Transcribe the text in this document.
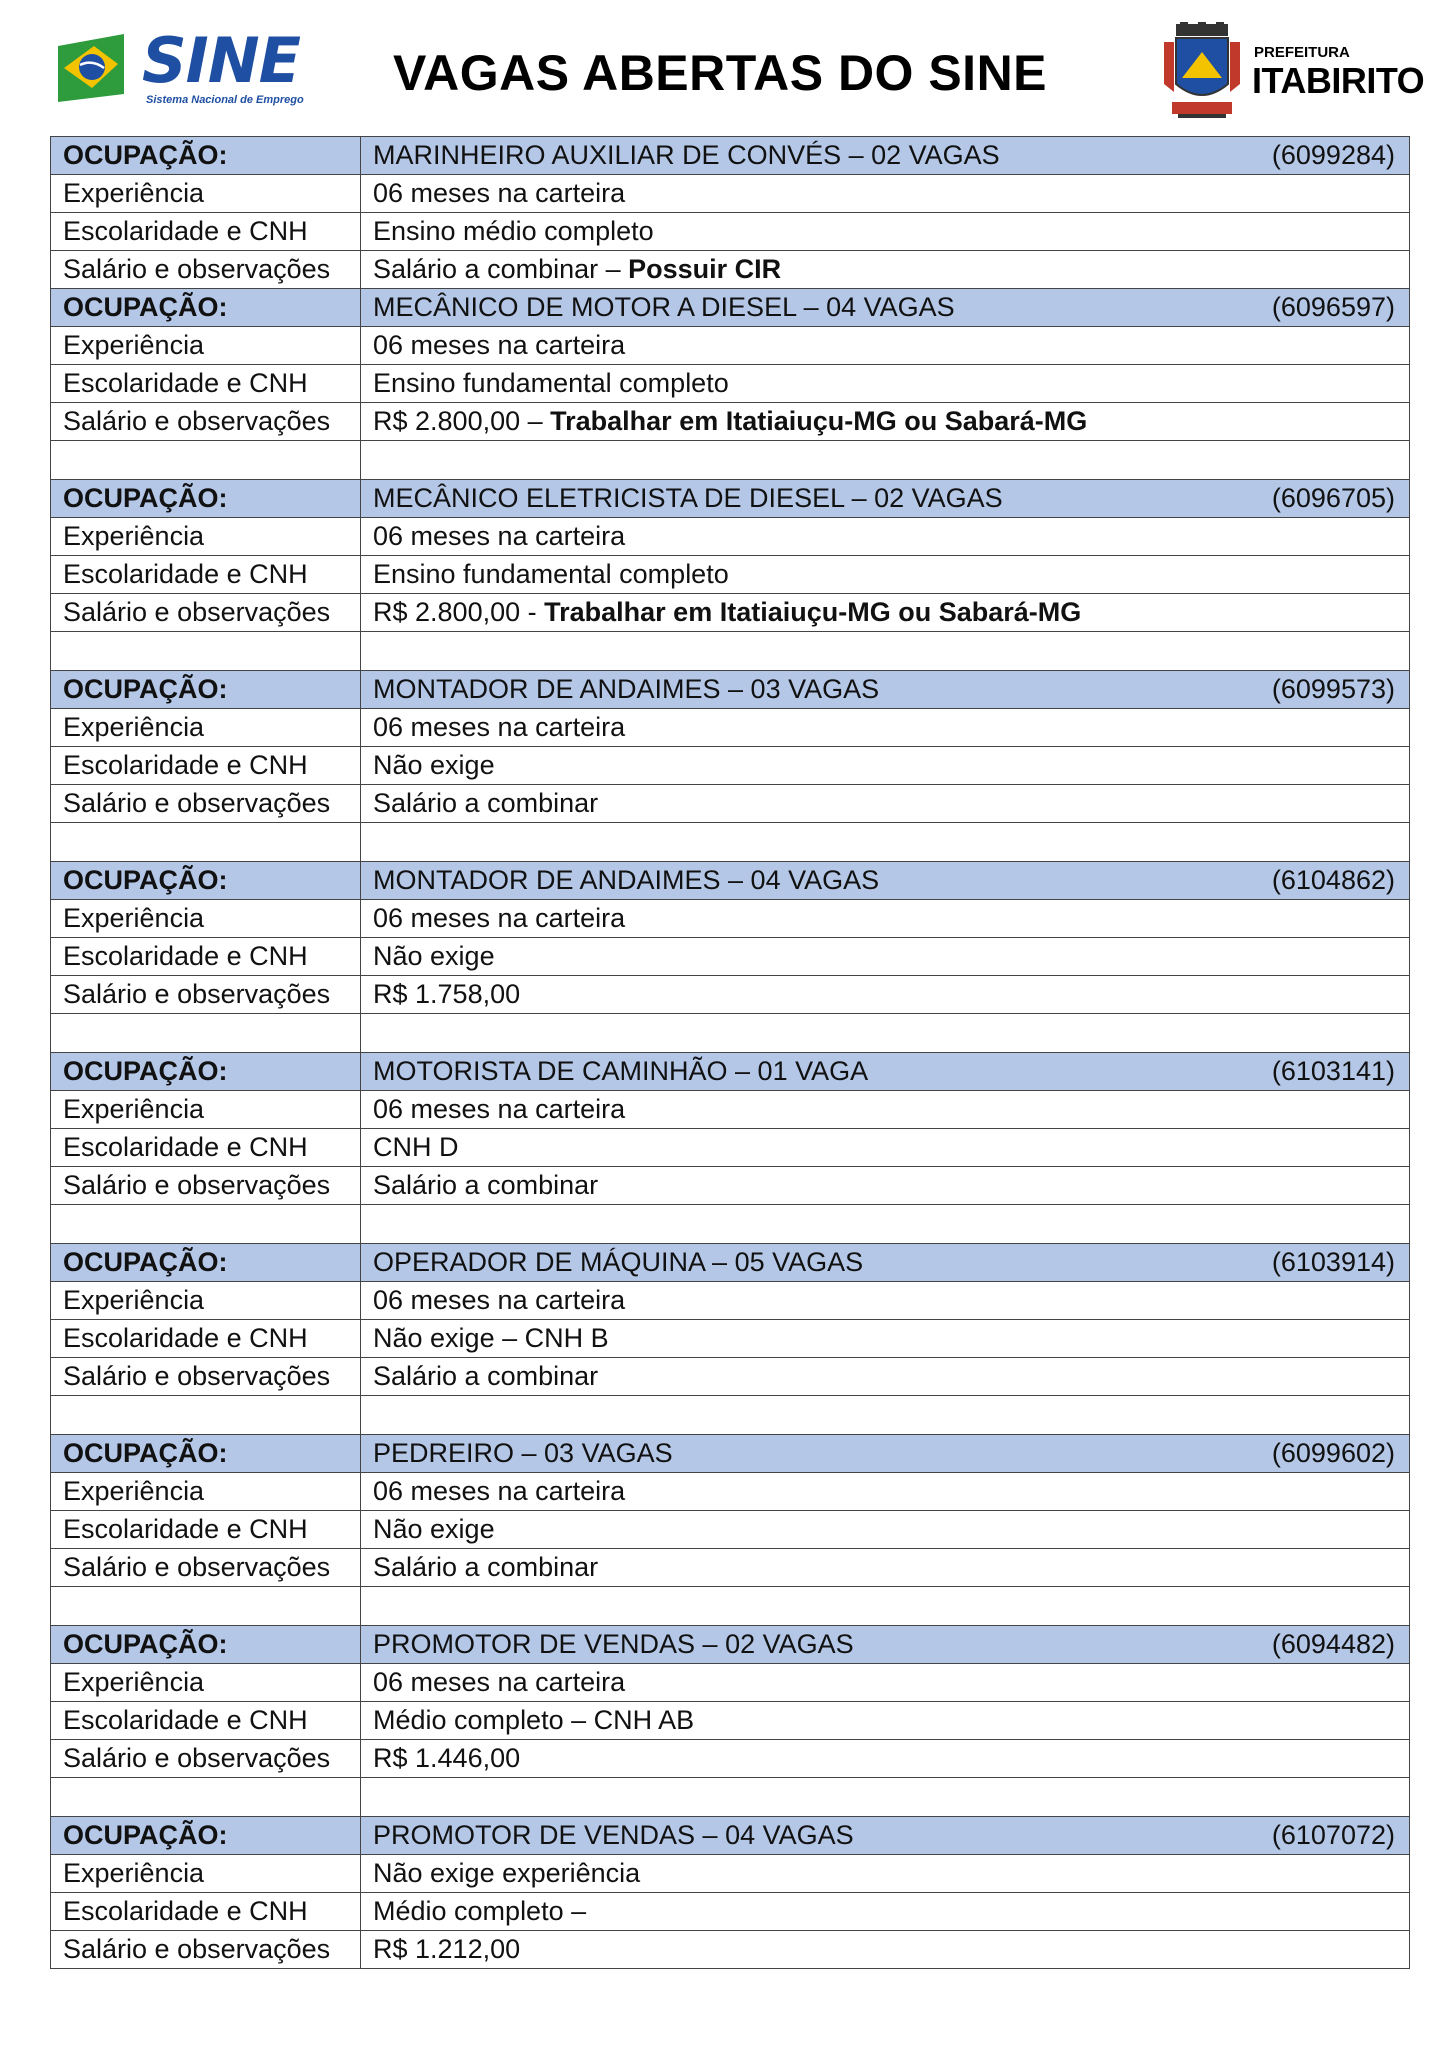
SINE
Sistema Nacional de Emprego	VAGAS ABERTAS DO SINE	PREFEITURA
ITABIRITO
OCUPAÇÃO:	MARINHEIRO AUXILIAR DE CONVÉS – 02 VAGAS (6099284)

Experiência	06 meses na carteira
Escolaridade e CNH	Ensino médio completo
Salário e observações	Salário a combinar – Possuir CIR
OCUPAÇÃO:	MECÂNICO DE MOTOR A DIESEL – 04 VAGAS (6096597)

Experiência	06 meses na carteira
Escolaridade e CNH	Ensino fundamental completo
Salário e observações	R$ 2.800,00 – Trabalhar em Itatiaiuçu-MG ou Sabará-MG

OCUPAÇÃO:	MECÂNICO ELETRICISTA DE DIESEL – 02 VAGAS (6096705)

Experiência	06 meses na carteira
Escolaridade e CNH	Ensino fundamental completo
Salário e observações	R$ 2.800,00 - Trabalhar em Itatiaiuçu-MG ou Sabará-MG

OCUPAÇÃO:	MONTADOR DE ANDAIMES – 03 VAGAS (6099573)

Experiência	06 meses na carteira
Escolaridade e CNH	Não exige
Salário e observações	Salário a combinar

OCUPAÇÃO:	MONTADOR DE ANDAIMES – 04 VAGAS (6104862)

Experiência	06 meses na carteira
Escolaridade e CNH	Não exige
Salário e observações	R$ 1.758,00

OCUPAÇÃO:	MOTORISTA DE CAMINHÃO – 01 VAGA (6103141)

Experiência	06 meses na carteira
Escolaridade e CNH	CNH D
Salário e observações	Salário a combinar

OCUPAÇÃO:	OPERADOR DE MÁQUINA – 05 VAGAS (6103914)

Experiência	06 meses na carteira
Escolaridade e CNH	Não exige – CNH B
Salário e observações	Salário a combinar

OCUPAÇÃO:	PEDREIRO – 03 VAGAS (6099602)

Experiência	06 meses na carteira
Escolaridade e CNH	Não exige
Salário e observações	Salário a combinar

OCUPAÇÃO:	PROMOTOR DE VENDAS – 02 VAGAS (6094482)

Experiência	06 meses na carteira
Escolaridade e CNH	Médio completo – CNH AB
Salário e observações	R$ 1.446,00

OCUPAÇÃO:	PROMOTOR DE VENDAS – 04 VAGAS (6107072)

Experiência	Não exige experiência
Escolaridade e CNH	Médio completo –
Salário e observações	R$ 1.212,00
